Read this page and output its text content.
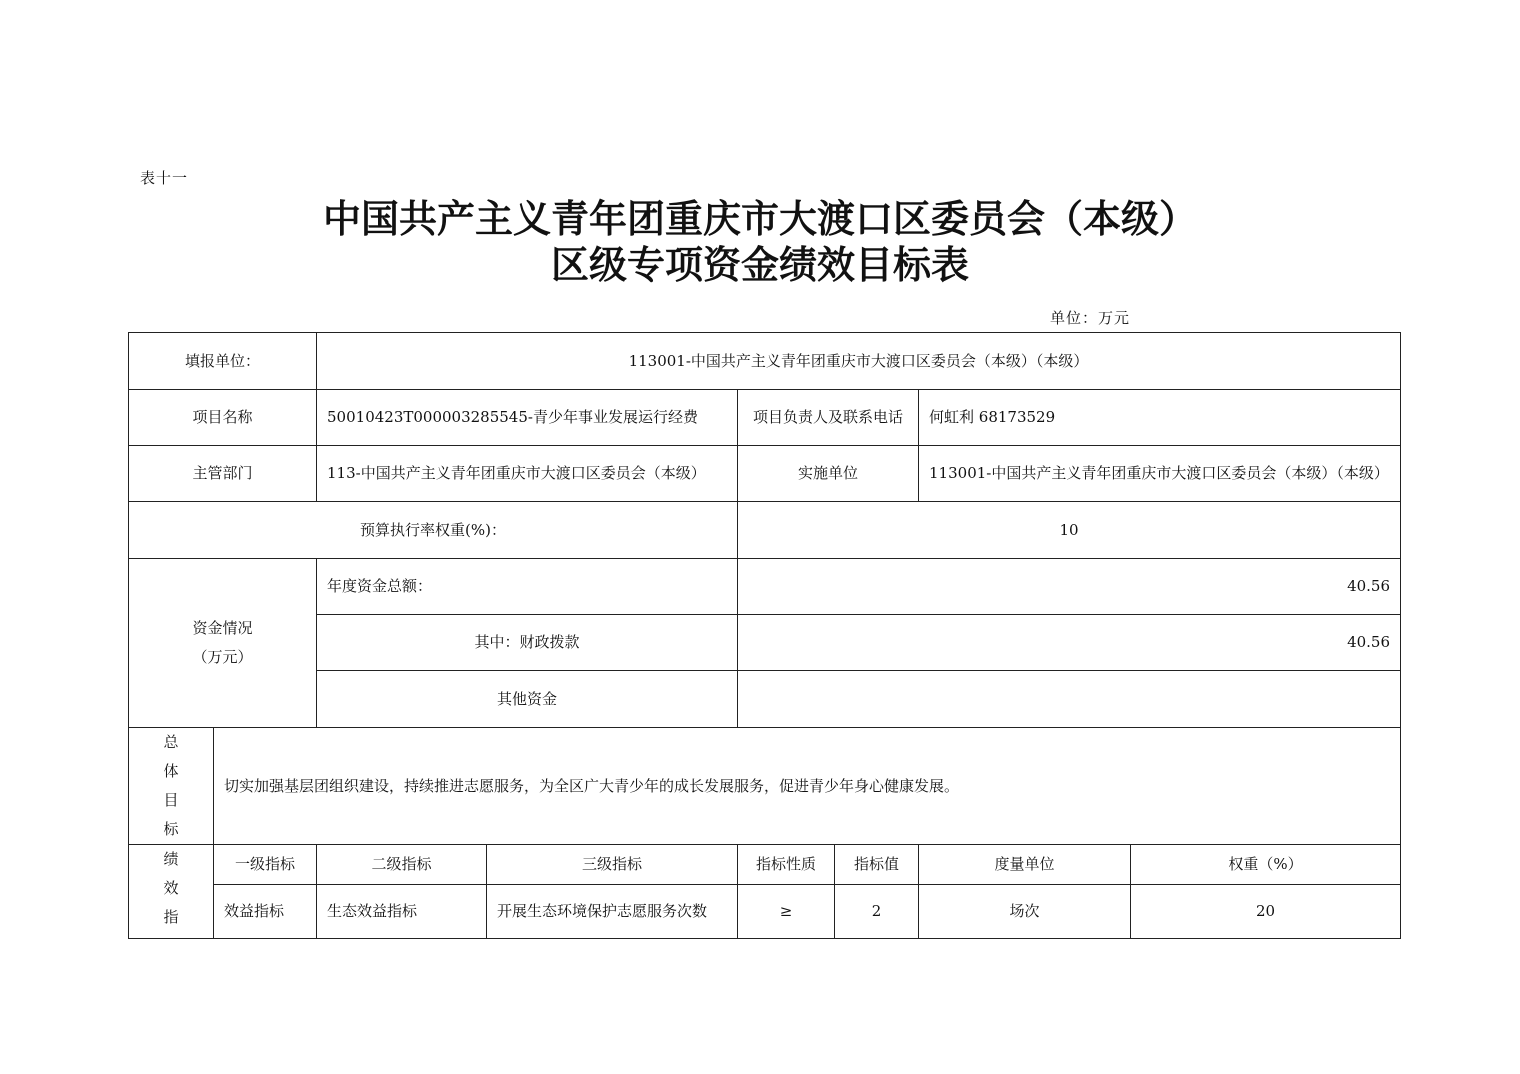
表十一
中国共产主义青年团重庆市大渡口区委员会（本级）
区级专项资金绩效目标表
单位：万元
填报单位：		113001-中国共产主义青年团重庆市大渡口区委员会（本级）（本级）					
项目名称		50010423T000003285545-青少年事业发展运行经费		项目负责人及联系电话		何虹利 68173529	
主管部门		113-中国共产主义青年团重庆市大渡口区委员会（本级）		实施单位		113001-中国共产主义青年团重庆市大渡口区委员会（本级）（本级）	
预算执行率权重(%)：				10			

资金情况
（万元）		年度资金总额：		40.56			
		其中：财政拨款		40.56			
		其他资金					

总
体
目
标	切实加强基层团组织建设，持续推进志愿服务，为全区广大青少年的成长发展服务，促进青少年身心健康发展。						

绩
效
指	一级指标	二级指标	三级指标	指标性质	指标值	度量单位	权重（%）
	效益指标	生态效益指标	开展生态环境保护志愿服务次数	≥	2	场次	20
